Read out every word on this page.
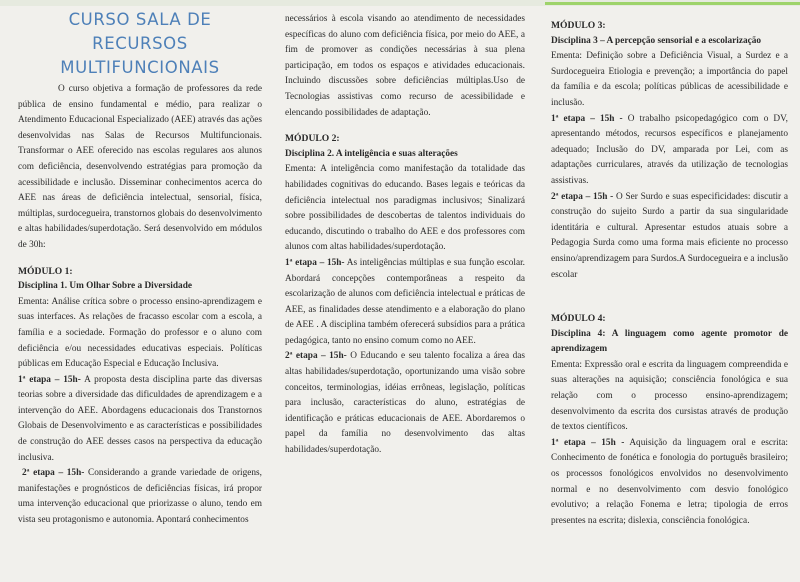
CURSO SALA DE RECURSOS MULTIFUNCIONAIS

O curso objetiva a formação de professores da rede pública de ensino fundamental e médio, para realizar o Atendimento Educacional Especializado (AEE) através das ações desenvolvidas nas Salas de Recursos Multifuncionais. Transformar o AEE oferecido nas escolas regulares aos alunos com deficiência, desenvolvendo estratégias para promoção da acessibilidade e inclusão. Disseminar conhecimentos acerca do AEE nas áreas de deficiência intelectual, sensorial, física, múltiplas, surdocegueira, transtornos globais do desenvolvimento e altas habilidades/superdotação. Será desenvolvido em módulos de 30h:

MÓDULO 1:

Disciplina 1. Um Olhar Sobre a Diversidade

Ementa: Análise crítica sobre o processo ensino-aprendizagem e suas interfaces. As relações de fracasso escolar com a escola, a família e a sociedade. Formação do professor e o aluno com deficiência e/ou necessidades educativas especiais. Políticas públicas em Educação Especial e Educação Inclusiva.

1ª etapa – 15h- A proposta desta disciplina parte das diversas teorias sobre a diversidade das dificuldades de aprendizagem e a intervenção do AEE. Abordagens educacionais dos Transtornos Globais de Desenvolvimento e as características e possibilidades de construção do AEE desses casos na perspectiva da educação inclusiva.

2ª etapa – 15h- Considerando a grande variedade de origens, manifestações e prognósticos de deficiências físicas, irá propor uma intervenção educacional que priorizasse o aluno, tendo em vista seu protagonismo e autonomia. Apontará conhecimentos

necessários à escola visando ao atendimento de necessidades específicas do aluno com deficiência física, por meio do AEE, a fim de promover as condições necessárias à sua plena participação, em todos os espaços e atividades educacionais. Incluindo discussões sobre deficiências múltiplas.Uso de Tecnologias assistivas como recurso de acessibilidade e elencando possibilidades de adaptação.

MÓDULO 2:

Disciplina 2. A inteligência e suas alterações

Ementa: A inteligência como manifestação da totalidade das habilidades cognitivas do educando. Bases legais e teóricas da deficiência intelectual nos paradigmas inclusivos; Sinalizará sobre possibilidades de descobertas de talentos individuais do educando, discutindo o trabalho do AEE e dos professores com alunos com altas habilidades/superdotação.

1ª etapa – 15h- As inteligências múltiplas e sua função escolar. Abordará concepções contemporâneas a respeito da escolarização de alunos com deficiência intelectual e práticas de AEE, as finalidades desse atendimento e a elaboração do plano de AEE . A disciplina também oferecerá subsídios para a prática pedagógica, tanto no ensino comum como no AEE.

2ª etapa – 15h- O Educando e seu talento focaliza a área das altas habilidades/superdotação, oportunizando uma visão sobre conceitos, terminologias, idéias errôneas, legislação, políticas para inclusão, características do aluno, estratégias de identificação e práticas educacionais de AEE. Abordaremos o papel da família no desenvolvimento das altas habilidades/superdotação.

MÓDULO 3:

Disciplina 3 – A percepção sensorial e a escolarização

Ementa: Definição sobre a Deficiência Visual, a Surdez e a Surdocegueira Etiologia e prevenção; a importância do papel da família e da escola; políticas públicas de acessibilidade e inclusão.

1ª etapa – 15h - O trabalho psicopedagógico com o DV, apresentando métodos, recursos específicos e planejamento adequado; Inclusão do DV, amparada por Lei, com as adaptações curriculares, através da utilização de tecnologias assistivas.

2ª etapa – 15h - O Ser Surdo e suas especificidades: discutir a construção do sujeito Surdo a partir da sua singularidade identitária e cultural. Apresentar estudos atuais sobre a Pedagogia Surda como uma forma mais eficiente no processo ensino/aprendizagem para Surdos.A Surdocegueira e a inclusão escolar

MÓDULO 4:

Disciplina 4: A linguagem como agente promotor de aprendizagem

Ementa: Expressão oral e escrita da linguagem compreendida e suas alterações na aquisição; consciência fonológica e sua relação com o processo ensino-aprendizagem; desenvolvimento da escrita dos cursistas através de produção de textos científicos.

1ª etapa – 15h - Aquisição da linguagem oral e escrita: Conhecimento de fonética e fonologia do português brasileiro; os processos fonológicos envolvidos no desenvolvimento normal e no desenvolvimento com desvio fonológico evolutivo; a relação Fonema e letra; tipologia de erros presentes na escrita; dislexia, consciência fonológica.
